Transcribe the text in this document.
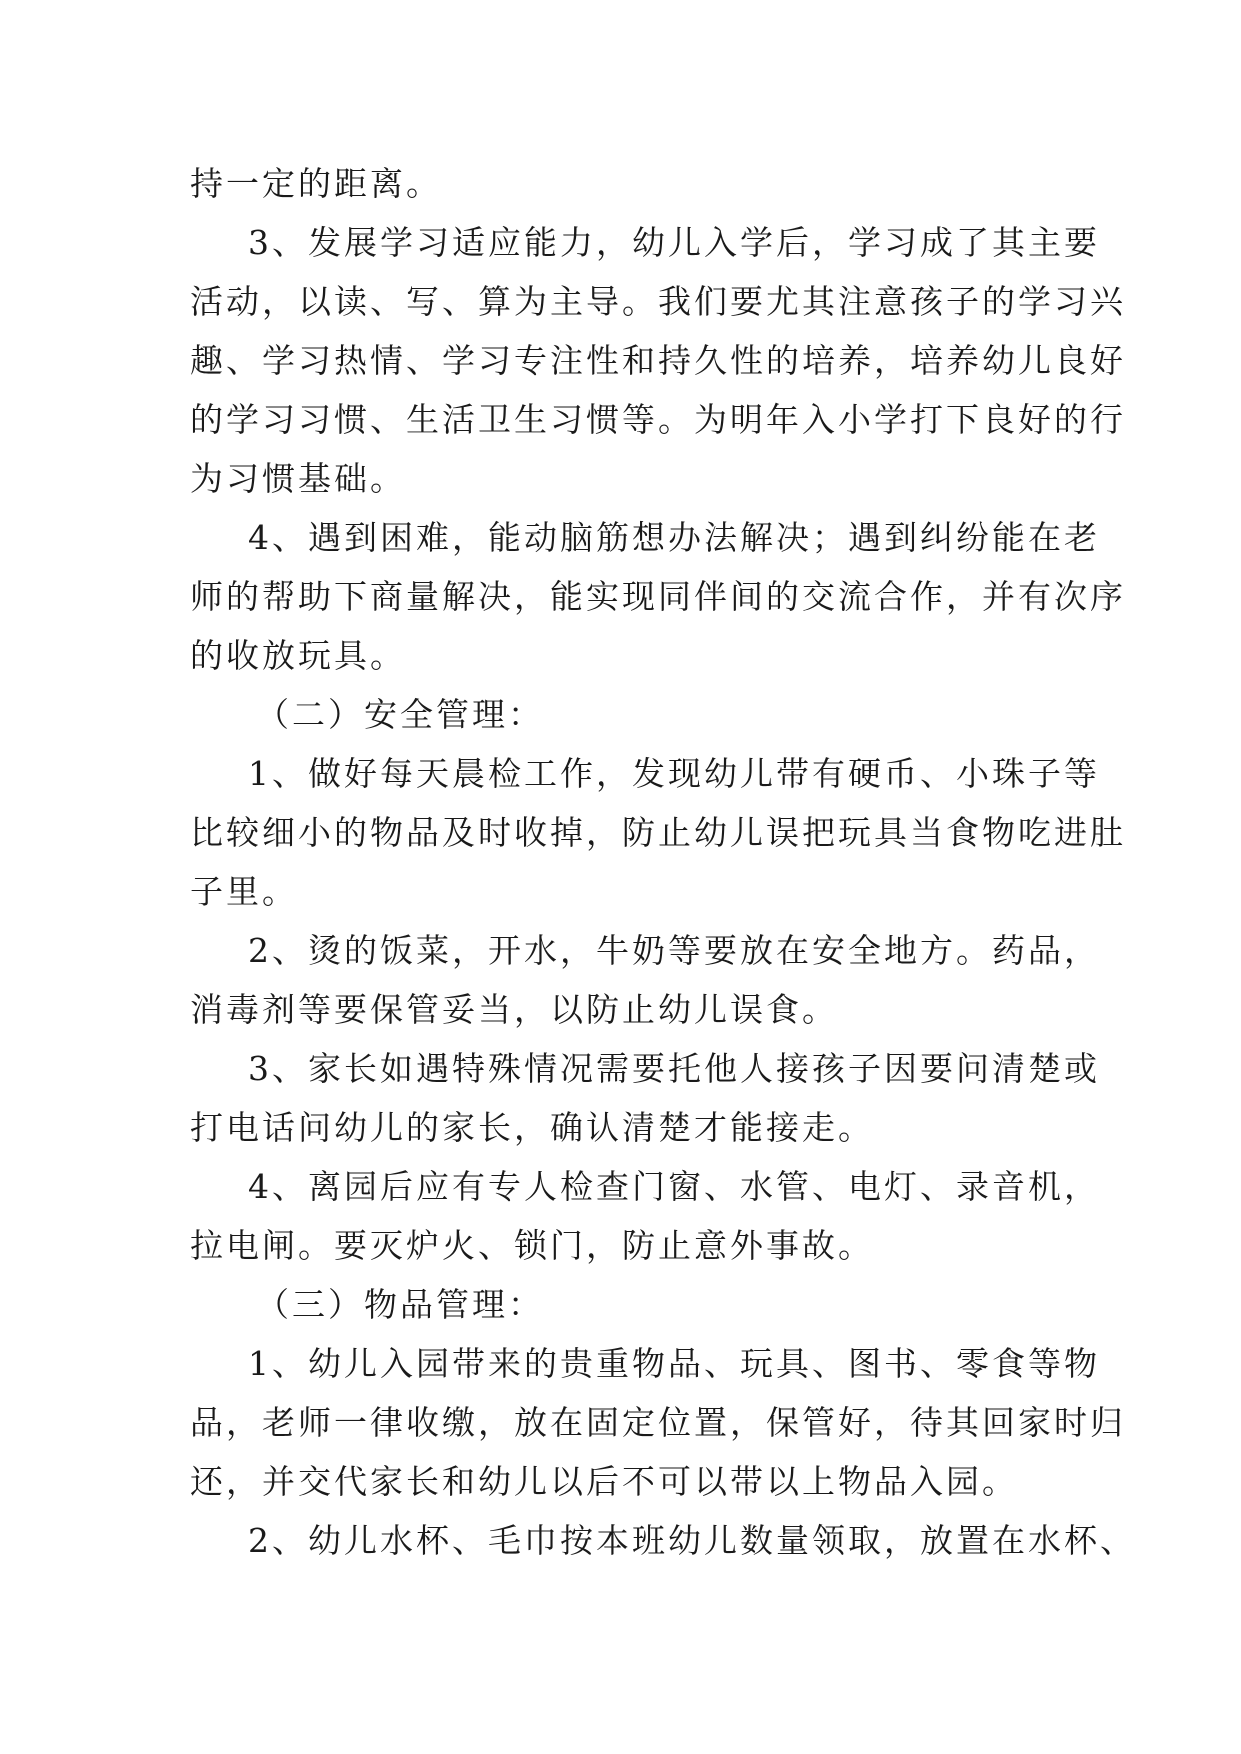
持一定的距离。
3、发展学习适应能力，幼儿入学后，学习成了其主要
活动，以读、写、算为主导。我们要尤其注意孩子的学习兴
趣、学习热情、学习专注性和持久性的培养，培养幼儿良好
的学习习惯、生活卫生习惯等。为明年入小学打下良好的行
为习惯基础。
4、遇到困难，能动脑筋想办法解决；遇到纠纷能在老
师的帮助下商量解决，能实现同伴间的交流合作，并有次序
的收放玩具。
（二）安全管理：
1、做好每天晨检工作，发现幼儿带有硬币、小珠子等
比较细小的物品及时收掉，防止幼儿误把玩具当食物吃进肚
子里。
2、烫的饭菜，开水，牛奶等要放在安全地方。药品，
消毒剂等要保管妥当，以防止幼儿误食。
3、家长如遇特殊情况需要托他人接孩子因要问清楚或
打电话问幼儿的家长，确认清楚才能接走。
4、离园后应有专人检查门窗、水管、电灯、录音机，
拉电闸。要灭炉火、锁门，防止意外事故。
（三）物品管理：
1、幼儿入园带来的贵重物品、玩具、图书、零食等物
品，老师一律收缴，放在固定位置，保管好，待其回家时归
还，并交代家长和幼儿以后不可以带以上物品入园。
2、幼儿水杯、毛巾按本班幼儿数量领取，放置在水杯、
